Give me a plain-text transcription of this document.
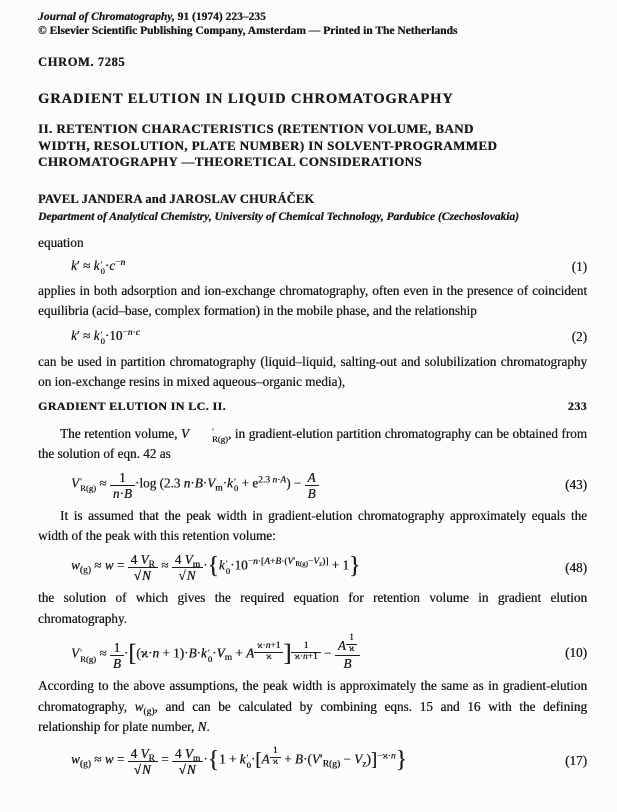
Journal of Chromatography, 91 (1974) 223–235

© Elsevier Scientific Publishing Company, Amsterdam — Printed in The Netherlands

CHROM. 7285

GRADIENT ELUTION IN LIQUID CHROMATOGRAPHY
II. RETENTION CHARACTERISTICS (RETENTION VOLUME, BAND
WIDTH, RESOLUTION, PLATE NUMBER) IN SOLVENT-PROGRAMMED
CHROMATOGRAPHY —THEORETICAL CONSIDERATIONS

PAVEL JANDERA and JAROSLAV CHURÁČEK

Department of Analytical Chemistry, University of Chemical Technology, Pardubice (Czechoslovakia)

equation

k′ ≈ k ′
$0 \cdot c^{-n}$	(1)

applies in both adsorption and ion-exchange chromatography, often even in the presence of coincident equilibria (acid–base, complex formation) in the mobile phase, and the relationship

k′ ≈ k ′
$0 \cdot 10^{-n\cdot c}$	(2)

can be used in partition chromatography (liquid–liquid, salting-out and solubilization chromatography on ion-exchange resins in mixed aqueous–organic media),

GRADIENT ELUTION IN LC. II.	233

The retention volume, V	′
R(g) , in gradient-elution partition chromatography can be obtained from the solution of eqn. 42 as

V ′
$R(g) \approx \frac{1}{n\cdot B} \cdot\log$ (2.3 $n\cdot B\cdot V_m\cdot k$ ′
$0 + e^{2.3 n\cdot A}) - \frac{A}{B}$	(43)

It is assumed that the peak width in gradient-elution chromatography approximately equals the width of the peak with this retention volume:

$w_{(g)} \approx w = \frac{4 V_R}{√N} \approx \frac{4 V_m}{√N} \cdot\{k$ ′
$0 \cdot 10^{-n\cdot[A+B\cdot(V'_{R(g)}-V_z)]} + 1$}	(48)

the solution of which gives the required equation for retention volume in gradient elution chromatography.

V ′
$R(g) \approx \frac{1}{B} \cdot[(ϰ\cdot n + 1)\cdot B\cdot k$ ′
$0 \cdot V_m + A$ $^{\frac{ϰ\cdot n+1}{ϰ}}$ ] $^{\frac{1}{ϰ\cdot n+1}}$ − A $^{\frac{1}{ϰ}}$
B	(10)

According to the above assumptions, the peak width is approximately the same as in gradient-elution chromatography, $w_{(g)}$, and can be calculated by combining eqns. 15 and 16 with the defining relationship for plate number, N.

$w_{(g)} \approx w = \frac{4 V_R}{√N} = \frac{4 V_m}{√N} \cdot\{1 + k$ ′
0 ·[A $^{\frac{1}{ϰ}} + B\cdot(V'_{R(g)} - V_z)]^{-ϰ\cdot n}$}	(17)
